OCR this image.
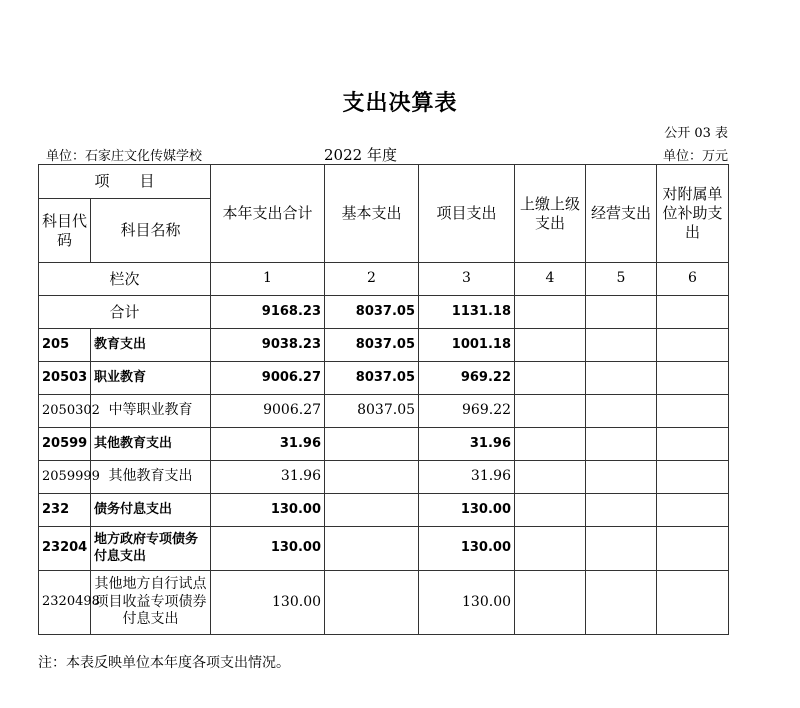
支出决算表
公开 03 表
单位：石家庄文化传媒学校	2022 年度	单位：万元
项　　目		本年支出合计	基本支出	项目支出	上缴上级支出	经营支出	对附属单位补助支出
科目代码	科目名称						
栏次		1	2	3	4	5	6
合计		9168.23	8037.05	1131.18			
205	教育支出	9038.23	8037.05	1001.18			
20503	职业教育	9006.27	8037.05	969.22			
2050302	中等职业教育	9006.27	8037.05	969.22			
20599	其他教育支出	31.96		31.96			
2059999	其他教育支出	31.96		31.96			
232	债务付息支出	130.00		130.00			
23204	地方政府专项债务付息支出	130.00		130.00			
2320498	其他地方自行试点项目收益专项债券付息支出	130.00		130.00			
注：本表反映单位本年度各项支出情况。
